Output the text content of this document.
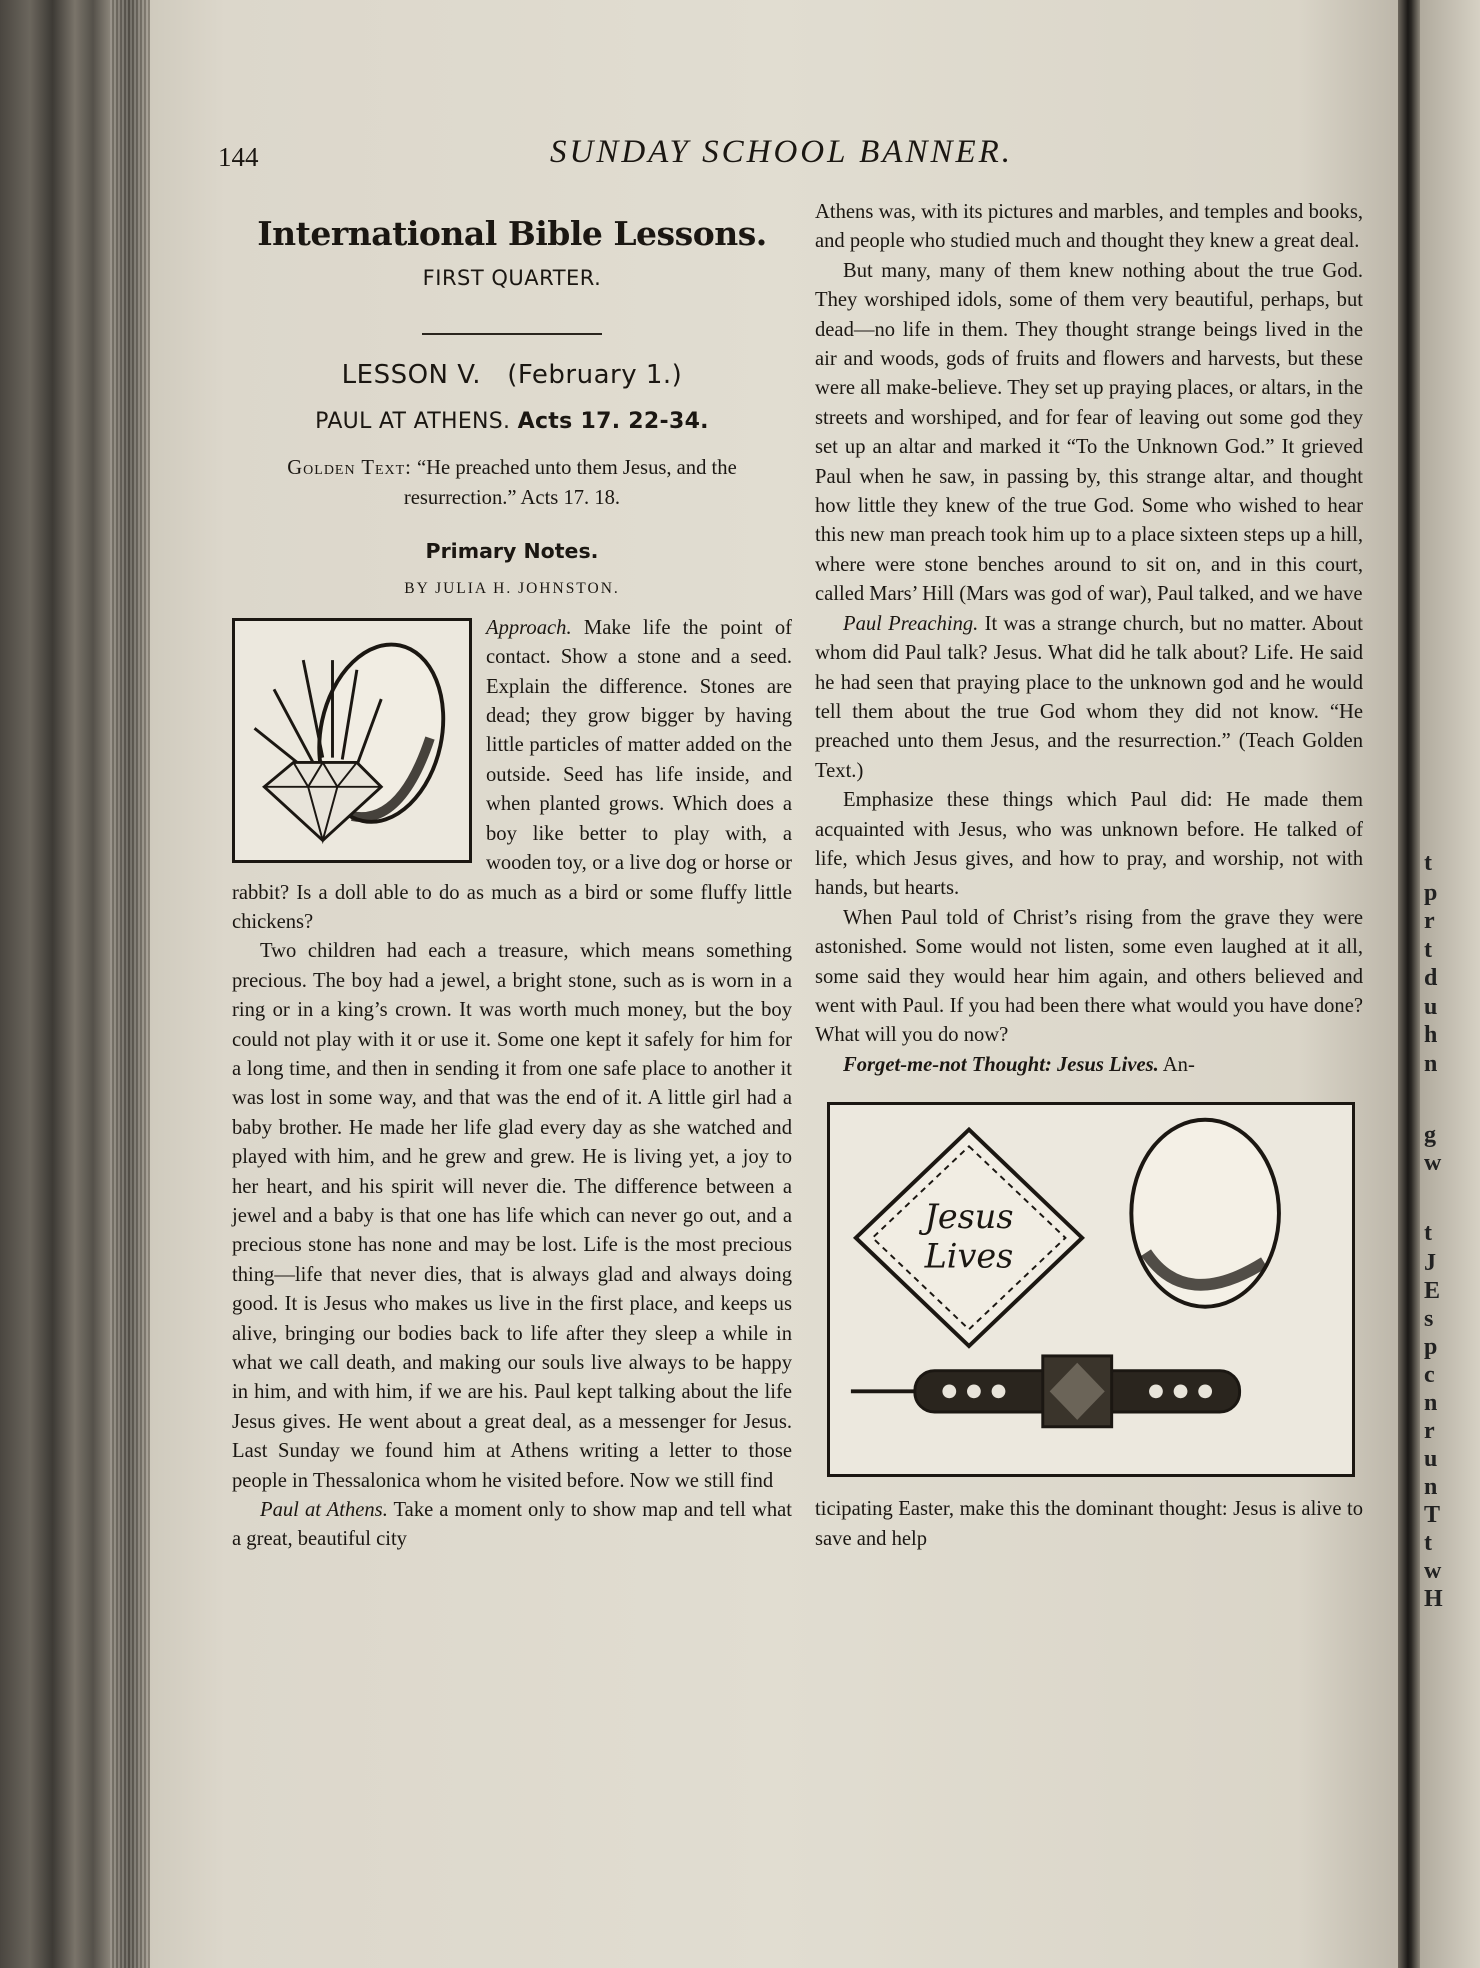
t
p
r
t
d
u
h
n
g
w
t
J
E
s
p
c
n
r
u
n
T
t
w
H
144	SUNDAY SCHOOL BANNER.
International Bible Lessons.
FIRST QUARTER.
LESSON V.   (February 1.)
PAUL AT ATHENS. Acts 17. 22-34.
Golden Text: “He preached unto them Jesus, and the resurrection.” Acts 17. 18.
Primary Notes.
BY JULIA H. JOHNSTON.

Approach. Make life the point of contact. Show a stone and a seed. Explain the difference. Stones are dead; they grow bigger by having little particles of matter added on the outside. Seed has life inside, and when planted grows. Which does a boy like better to play with, a wooden toy, or a live dog or horse or rabbit? Is a doll able to do as much as a bird or some fluffy little chickens?

Two children had each a treasure, which means something precious. The boy had a jewel, a bright stone, such as is worn in a ring or in a king’s crown. It was worth much money, but the boy could not play with it or use it. Some one kept it safely for him for a long time, and then in sending it from one safe place to another it was lost in some way, and that was the end of it. A little girl had a baby brother. He made her life glad every day as she watched and played with him, and he grew and grew. He is living yet, a joy to her heart, and his spirit will never die. The difference between a jewel and a baby is that one has life which can never go out, and a precious stone has none and may be lost. Life is the most precious thing—life that never dies, that is always glad and always doing good. It is Jesus who makes us live in the first place, and keeps us alive, bringing our bodies back to life after they sleep a while in what we call death, and making our souls live always to be happy in him, and with him, if we are his. Paul kept talking about the life Jesus gives. He went about a great deal, as a messenger for Jesus. Last Sunday we found him at Athens writing a letter to those people in Thessalonica whom he visited before. Now we still find

Paul at Athens. Take a moment only to show map and tell what a great, beautiful city

Athens was, with its pictures and marbles, and temples and books, and people who studied much and thought they knew a great deal.

But many, many of them knew nothing about the true God. They worshiped idols, some of them very beautiful, perhaps, but dead—no life in them. They thought strange beings lived in the air and woods, gods of fruits and flowers and harvests, but these were all make-believe. They set up praying places, or altars, in the streets and worshiped, and for fear of leaving out some god they set up an altar and marked it “To the Unknown God.” It grieved Paul when he saw, in passing by, this strange altar, and thought how little they knew of the true God. Some who wished to hear this new man preach took him up to a place sixteen steps up a hill, where were stone benches around to sit on, and in this court, called Mars’ Hill (Mars was god of war), Paul talked, and we have

Paul Preaching. It was a strange church, but no matter. About whom did Paul talk? Jesus. What did he talk about? Life. He said he had seen that praying place to the unknown god and he would tell them about the true God whom they did not know. “He preached unto them Jesus, and the resurrection.” (Teach Golden Text.)

Emphasize these things which Paul did: He made them acquainted with Jesus, who was unknown before. He talked of life, which Jesus gives, and how to pray, and worship, not with hands, but hearts.

When Paul told of Christ’s rising from the grave they were astonished. Some would not listen, some even laughed at it all, some said they would hear him again, and others believed and went with Paul. If you had been there what would you have done? What will you do now?

Forget-me-not Thought: Jesus Lives. An-

Jesus
Lives

ticipating Easter, make this the dominant thought: Jesus is alive to save and help
